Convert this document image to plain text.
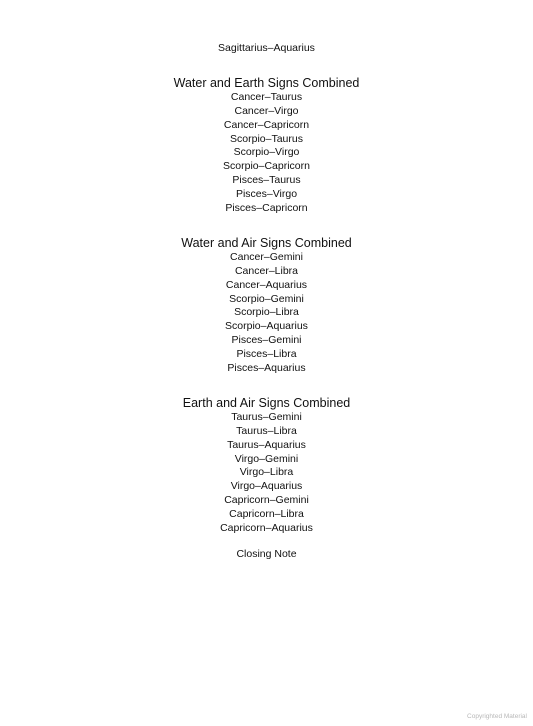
Sagittarius–Aquarius
Water and Earth Signs Combined
Cancer–Taurus
Cancer–Virgo
Cancer–Capricorn
Scorpio–Taurus
Scorpio–Virgo
Scorpio–Capricorn
Pisces–Taurus
Pisces–Virgo
Pisces–Capricorn
Water and Air Signs Combined
Cancer–Gemini
Cancer–Libra
Cancer–Aquarius
Scorpio–Gemini
Scorpio–Libra
Scorpio–Aquarius
Pisces–Gemini
Pisces–Libra
Pisces–Aquarius
Earth and Air Signs Combined
Taurus–Gemini
Taurus–Libra
Taurus–Aquarius
Virgo–Gemini
Virgo–Libra
Virgo–Aquarius
Capricorn–Gemini
Capricorn–Libra
Capricorn–Aquarius
Closing Note
Copyrighted Material
